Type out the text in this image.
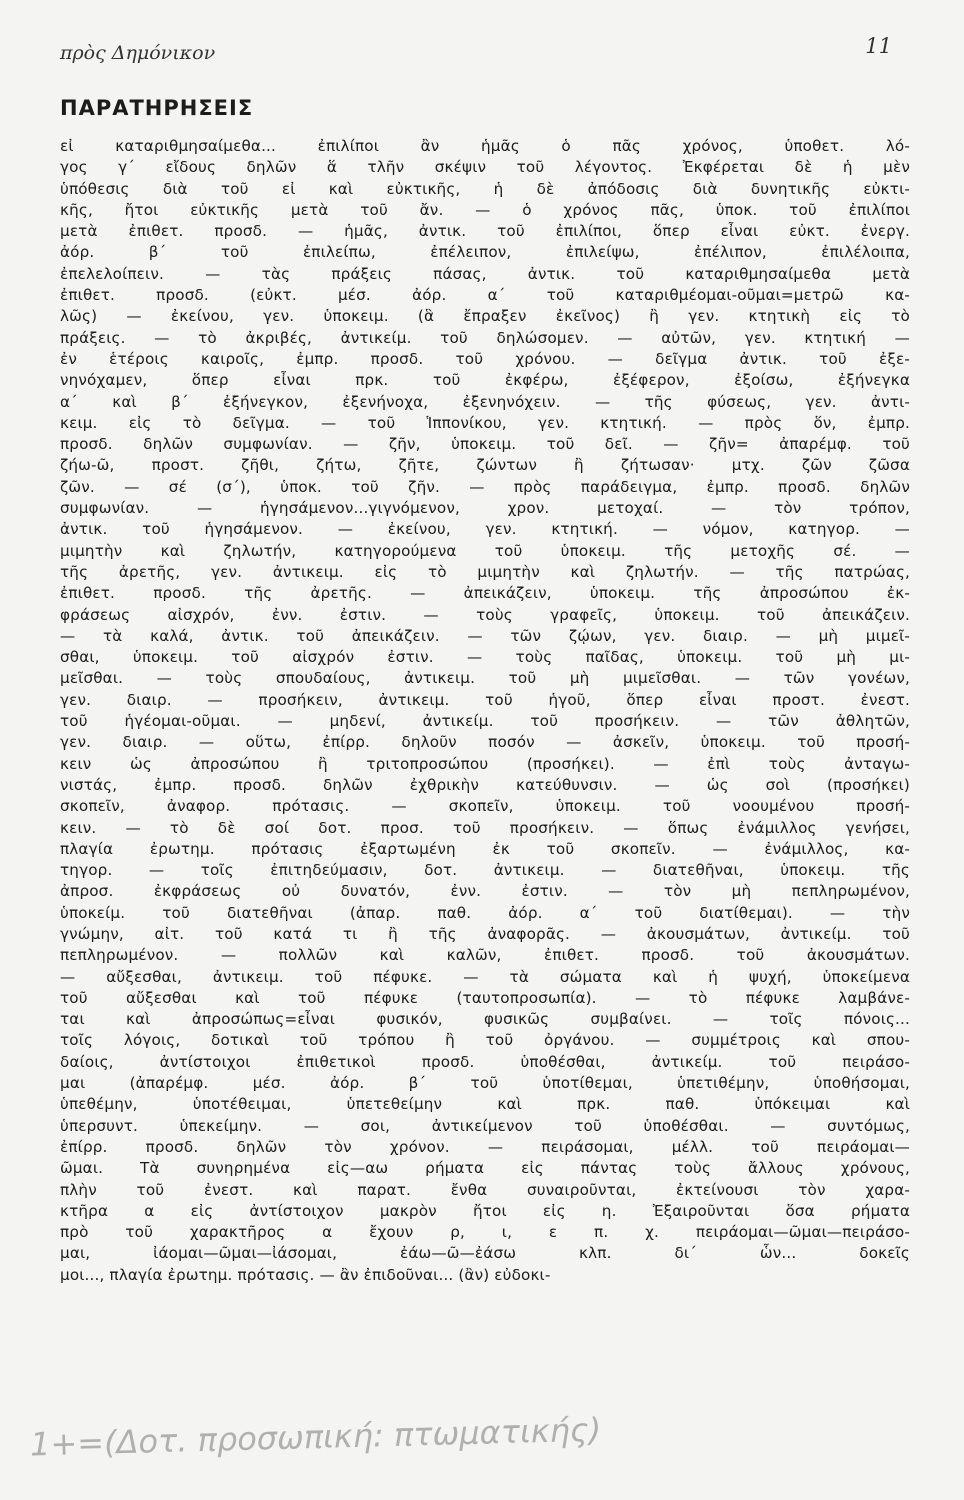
πρὸς Δημόνικον	11
ΠΑΡΑΤΗΡΗΣΕΙΣ
εἰ καταριθμησαίμεθα... ἐπιλίποι ἂν ἡμᾶς ὁ πᾶς χρόνος, ὑποθετ. λό-
γος γ΄ εἴδους δηλῶν ἅ τλῆν σκέψιν τοῦ λέγοντος. Ἐκφέρεται δὲ ἡ μὲν
ὑπόθεσις διὰ τοῦ εἰ καὶ εὐκτικῆς, ἡ δὲ ἀπόδοσις διὰ δυνητικῆς εὐκτι-
κῆς, ἤτοι εὐκτικῆς μετὰ τοῦ ἄν. — ὁ χρόνος πᾶς, ὑποκ. τοῦ ἐπιλίποι
μετὰ ἐπιθετ. προσδ. — ἡμᾶς, ἀντικ. τοῦ ἐπιλίποι, ὅπερ εἶναι εὐκτ. ἐνεργ.
ἀόρ. β΄ τοῦ ἐπιλείπω, ἐπέλειπον, ἐπιλείψω, ἐπέλιπον, ἐπιλέλοιπα,
ἐπελελοίπειν. — τὰς πράξεις πάσας, ἀντικ. τοῦ καταριθμησαίμεθα μετὰ
ἐπιθετ. προσδ. (εὐκτ. μέσ. ἀόρ. α΄ τοῦ καταριθμέομαι-οῦμαι=μετρῶ κα-
λῶς) — ἐκείνου, γεν. ὑποκειμ. (ἃ ἔπραξεν ἐκεῖνος) ἢ γεν. κτητικὴ εἰς τὸ
πράξεις. — τὸ ἀκριβές, ἀντικείμ. τοῦ δηλώσομεν. — αὐτῶν, γεν. κτητική —
ἐν ἑτέροις καιροῖς, ἐμπρ. προσδ. τοῦ χρόνου. — δεῖγμα ἀντικ. τοῦ ἐξε-
νηνόχαμεν, ὅπερ εἶναι πρκ. τοῦ ἐκφέρω, ἐξέφερον, ἐξοίσω, ἐξήνεγκα
α΄ καὶ β΄ ἐξήνεγκον, ἐξενήνοχα, ἐξενηνόχειν. — τῆς φύσεως, γεν. ἀντι-
κειμ. εἰς τὸ δεῖγμα. — τοῦ Ἱππονίκου, γεν. κτητική. — πρὸς ὅν, ἐμπρ.
προσδ. δηλῶν συμφωνίαν. — ζῆν, ὑποκειμ. τοῦ δεῖ. — ζῆν= ἀπαρέμφ. τοῦ
ζήω-ῶ, προστ. ζῆθι, ζήτω, ζῆτε, ζώντων ἢ ζήτωσαν· μτχ. ζῶν ζῶσα
ζῶν. — σέ (σ΄), ὑποκ. τοῦ ζῆν. — πρὸς παράδειγμα, ἐμπρ. προσδ. δηλῶν
συμφωνίαν. — ἡγησάμενον...γιγνόμενον, χρον. μετοχαί. — τὸν τρόπον,
ἀντικ. τοῦ ἡγησάμενον. — ἐκείνου, γεν. κτητική. — νόμον, κατηγορ. —
μιμητὴν καὶ ζηλωτήν, κατηγορούμενα τοῦ ὑποκειμ. τῆς μετοχῆς σέ. —
τῆς ἀρετῆς, γεν. ἀντικειμ. εἰς τὸ μιμητὴν καὶ ζηλωτήν. — τῆς πατρώας,
ἐπιθετ. προσδ. τῆς ἀρετῆς. — ἀπεικάζειν, ὑποκειμ. τῆς ἀπροσώπου ἐκ-
φράσεως αἰσχρόν, ἐνν. ἐστιν. — τοὺς γραφεῖς, ὑποκειμ. τοῦ ἀπεικάζειν.
— τὰ καλά, ἀντικ. τοῦ ἀπεικάζειν. — τῶν ζῴων, γεν. διαιρ. — μὴ μιμεῖ-
σθαι, ὑποκειμ. τοῦ αἰσχρόν ἐστιν. — τοὺς παῖδας, ὑποκειμ. τοῦ μὴ μι-
μεῖσθαι. — τοὺς σπουδαίους, ἀντικειμ. τοῦ μὴ μιμεῖσθαι. — τῶν γονέων,
γεν. διαιρ. — προσήκειν, ἀντικειμ. τοῦ ἡγοῦ, ὅπερ εἶναι προστ. ἐνεστ.
τοῦ ἡγέομαι-οῦμαι. — μηδενί, ἀντικείμ. τοῦ προσήκειν. — τῶν ἀθλητῶν,
γεν. διαιρ. — οὕτω, ἐπίρρ. δηλοῦν ποσόν — ἀσκεῖν, ὑποκειμ. τοῦ προσή-
κειν ὡς ἀπροσώπου ἢ τριτοπροσώπου (προσήκει). — ἐπὶ τοὺς ἀνταγω-
νιστάς, ἐμπρ. προσδ. δηλῶν ἐχθρικὴν κατεύθυνσιν. — ὡς σοὶ (προσήκει)
σκοπεῖν, ἀναφορ. πρότασις. — σκοπεῖν, ὑποκειμ. τοῦ νοουμένου προσή-
κειν. — τὸ δὲ σοί δοτ. προσ. τοῦ προσήκειν. — ὅπως ἐνάμιλλος γενήσει,
πλαγία ἐρωτημ. πρότασις ἐξαρτωμένη ἐκ τοῦ σκοπεῖν. — ἐνάμιλλος, κα-
τηγορ. — τοῖς ἐπιτηδεύμασιν, δοτ. ἀντικειμ. — διατεθῆναι, ὑποκειμ. τῆς
ἀπροσ. ἐκφράσεως οὐ δυνατόν, ἐνν. ἐστιν. — τὸν μὴ πεπληρωμένον,
ὑποκείμ. τοῦ διατεθῆναι (ἀπαρ. παθ. ἀόρ. α΄ τοῦ διατίθεμαι). — τὴν
γνώμην, αἰτ. τοῦ κατά τι ἢ τῆς ἀναφορᾶς. — ἀκουσμάτων, ἀντικείμ. τοῦ
πεπληρωμένον. — πολλῶν καὶ καλῶν, ἐπιθετ. προσδ. τοῦ ἀκουσμάτων.
— αὔξεσθαι, ἀντικειμ. τοῦ πέφυκε. — τὰ σώματα καὶ ἡ ψυχή, ὑποκείμενα
τοῦ αὔξεσθαι καὶ τοῦ πέφυκε (ταυτοπροσωπία). — τὸ πέφυκε λαμβάνε-
ται καὶ ἀπροσώπως=εἶναι φυσικόν, φυσικῶς συμβαίνει. — τοῖς πόνοις...
τοῖς λόγοις, δοτικαὶ τοῦ τρόπου ἢ τοῦ ὀργάνου. — συμμέτροις καὶ σπου-
δαίοις, ἀντίστοιχοι ἐπιθετικοὶ προσδ. ὑποθέσθαι, ἀντικείμ. τοῦ πειράσο-
μαι (ἀπαρέμφ. μέσ. ἀόρ. β΄ τοῦ ὑποτίθεμαι, ὑπετιθέμην, ὑποθήσομαι,
ὑπεθέμην, ὑποτέθειμαι, ὑπετεθείμην καὶ πρκ. παθ. ὑπόκειμαι καὶ
ὑπερσυντ. ὑπεκείμην. — σοι, ἀντικείμενον τοῦ ὑποθέσθαι. — συντόμως,
ἐπίρρ. προσδ. δηλῶν τὸν χρόνον. — πειράσομαι, μέλλ. τοῦ πειράομαι—
ῶμαι. Τὰ συνηρημένα εἰς—αω ρήματα εἰς πάντας τοὺς ἄλλους χρόνους,
πλὴν τοῦ ἐνεστ. καὶ παρατ. ἔνθα συναιροῦνται, ἐκτείνουσι τὸν χαρα-
κτῆρα α εἰς ἀντίστοιχον μακρὸν ἤτοι εἰς η. Ἐξαιροῦνται ὅσα ρήματα
πρὸ τοῦ χαρακτῆρος α ἔχουν ρ, ι, ε π. χ. πειράομαι—ῶμαι—πειράσο-
μαι, ἰάομαι—ῶμαι—ἰάσομαι, ἐάω—ῶ—ἐάσω κλπ. δι΄ ὧν... δοκεῖς
μοι..., πλαγία ἐρωτημ. πρότασις. — ἂν ἐπιδοῦναι... (ἂν) εὐδοκι-
1+=(Δοτ. προσωπική: πτωματικής)
